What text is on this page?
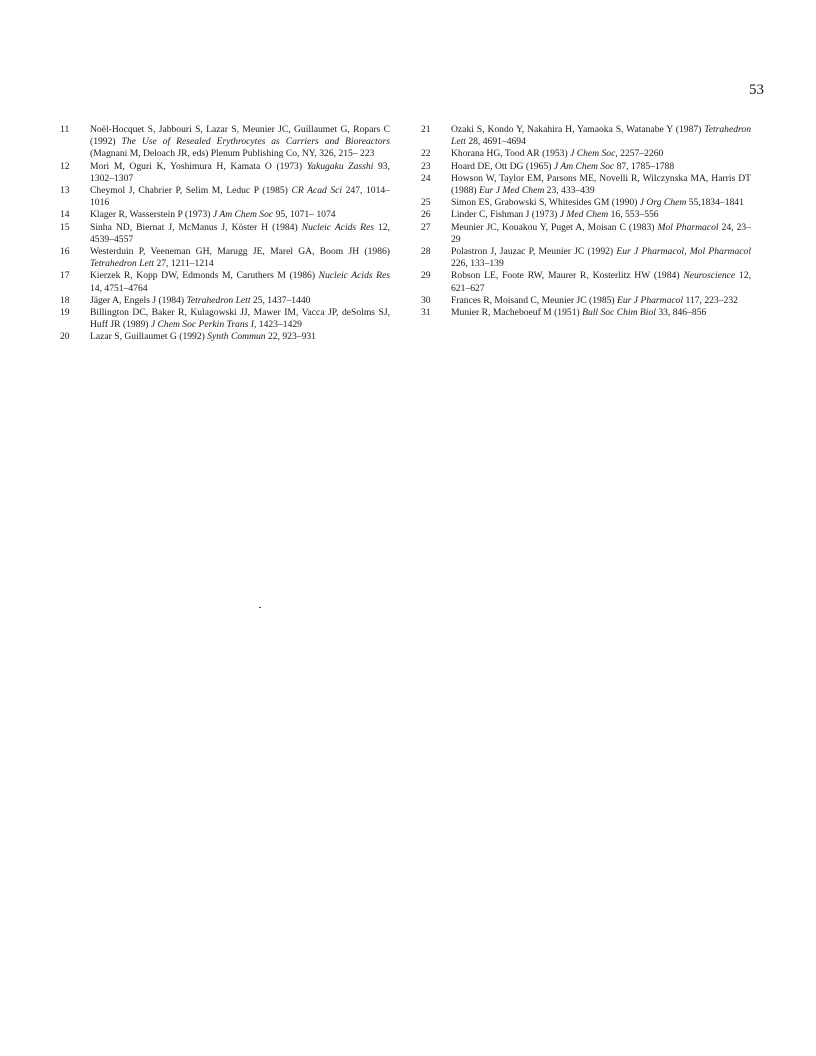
53
11	Noël-Hocquet S, Jabbouri S, Lazar S, Meunier JC, Guillaumet G, Ropars C (1992) The Use of Resealed Erythrocytes as Carriers and Bioreactors (Magnani M, Deloach JR, eds) Plenum Publishing Co, NY, 326, 215– 223
12	Mori M, Oguri K, Yoshimura H, Kamata O (1973) Yakugaku Zasshi 93, 1302–1307
13	Cheymol J, Chabrier P, Selim M, Leduc P (1985) CR Acad Sci 247, 1014–1016
14	Klager R, Wasserstein P (1973) J Am Chem Soc 95, 1071– 1074
15	Sinha ND, Biernat J, McManus J, Köster H (1984) Nucleic Acids Res 12, 4539–4557
16	Westerduin P, Veeneman GH, Marugg JE, Marel GA, Boom JH (1986) Tetrahedron Lett 27, 1211–1214
17	Kierzek R, Kopp DW, Edmonds M, Caruthers M (1986) Nucleic Acids Res 14, 4751–4764
18	Jäger A, Engels J (1984) Tetrahedron Lett 25, 1437–1440
19	Billington DC, Baker R, Kulagowski JJ, Mawer IM, Vacca JP, deSolms SJ, Huff JR (1989) J Chem Soc Perkin Trans I, 1423–1429
20	Lazar S, Guillaumet G (1992) Synth Commun 22, 923–931
21	Ozaki S, Kondo Y, Nakahira H, Yamaoka S, Watanabe Y (1987) Tetrahedron Lett 28, 4691–4694
22	Khorana HG, Tood AR (1953) J Chem Soc, 2257–2260
23	Hoard DE, Ott DG (1965) J Am Chem Soc 87, 1785–1788
24	Howson W, Taylor EM, Parsons ME, Novelli R, Wilczynska MA, Harris DT (1988) Eur J Med Chem 23, 433–439
25	Simon ES, Grabowski S, Whitesides GM (1990) J Org Chem 55,1834–1841
26	Linder C, Fishman J (1973) J Med Chem 16, 553–556
27	Meunier JC, Kouakou Y, Puget A, Moisan C (1983) Mol Pharmacol 24, 23–29
28	Polastron J, Jauzac P, Meunier JC (1992) Eur J Pharmacol, Mol Pharmacol 226, 133–139
29	Robson LE, Foote RW, Maurer R, Kosterlitz HW (1984) Neuroscience 12, 621–627
30	Frances R, Moisand C, Meunier JC (1985) Eur J Pharmacol 117, 223–232
31	Munier R, Macheboeuf M (1951) Bull Soc Chim Biol 33, 846–856
